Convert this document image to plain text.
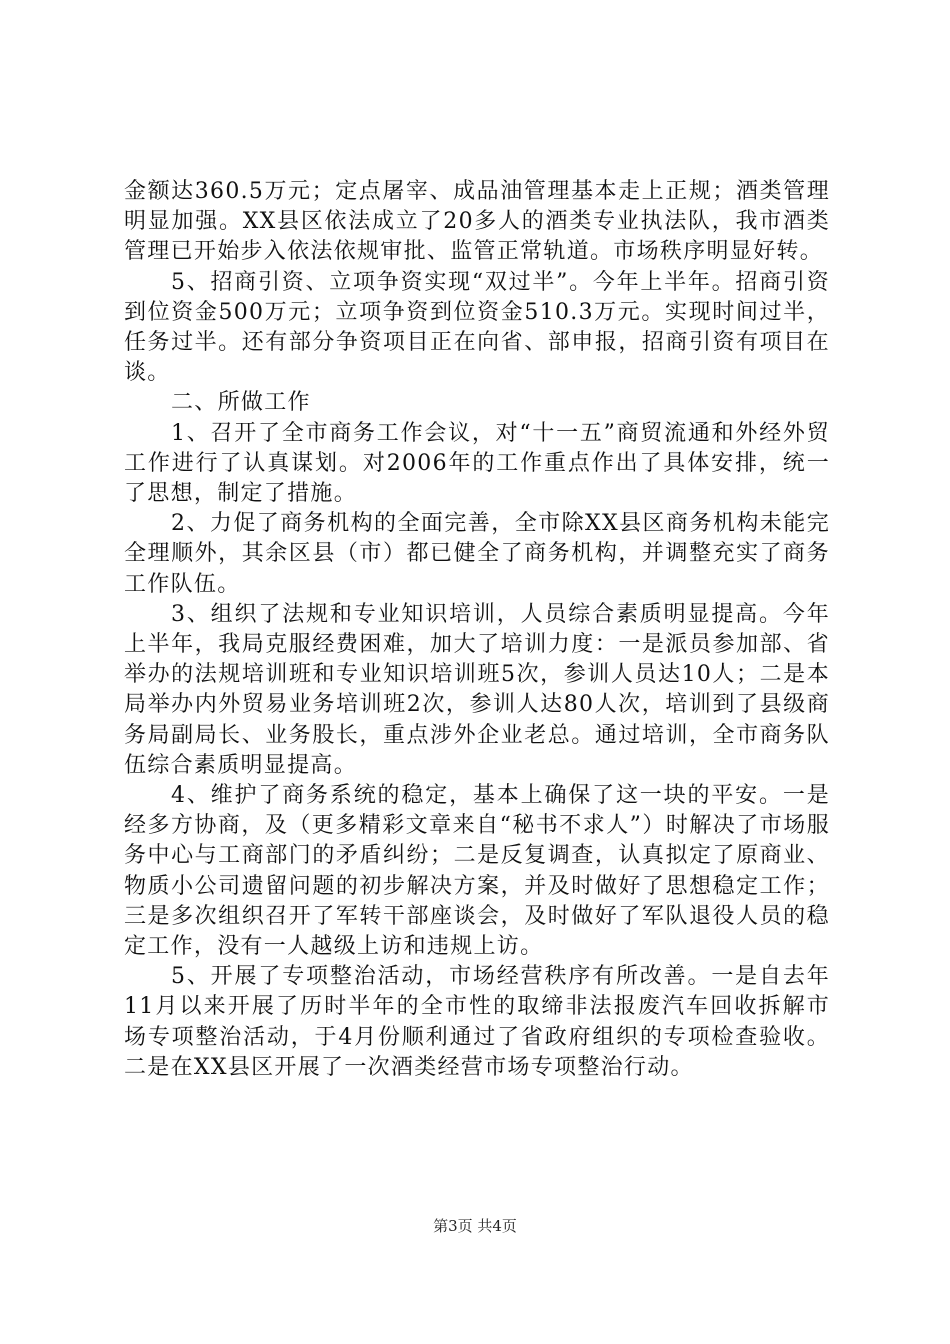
金额达360.5万元；定点屠宰、成品油管理基本走上正规；酒类管理明显加强。XX县区依法成立了20多人的酒类专业执法队，我市酒类管理已开始步入依法依规审批、监管正常轨道。市场秩序明显好转。

5、招商引资、立项争资实现“双过半”。今年上半年。招商引资到位资金500万元；立项争资到位资金510.3万元。实现时间过半，任务过半。还有部分争资项目正在向省、部申报，招商引资有项目在谈。

二、所做工作

1、召开了全市商务工作会议，对“十一五”商贸流通和外经外贸工作进行了认真谋划。对2006年的工作重点作出了具体安排，统一了思想，制定了措施。

2、力促了商务机构的全面完善，全市除XX县区商务机构未能完全理顺外，其余区县（市）都已健全了商务机构，并调整充实了商务工作队伍。

3、组织了法规和专业知识培训，人员综合素质明显提高。今年上半年，我局克服经费困难，加大了培训力度：一是派员参加部、省举办的法规培训班和专业知识培训班5次，参训人员达10人；二是本局举办内外贸易业务培训班2次，参训人达80人次，培训到了县级商务局副局长、业务股长，重点涉外企业老总。通过培训，全市商务队伍综合素质明显提高。

4、维护了商务系统的稳定，基本上确保了这一块的平安。一是经多方协商，及（更多精彩文章来自“秘书不求人”）时解决了市场服务中心与工商部门的矛盾纠纷；二是反复调查，认真拟定了原商业、物质小公司遗留问题的初步解决方案，并及时做好了思想稳定工作；三是多次组织召开了军转干部座谈会，及时做好了军队退役人员的稳定工作，没有一人越级上访和违规上访。

5、开展了专项整治活动，市场经营秩序有所改善。一是自去年11月以来开展了历时半年的全市性的取缔非法报废汽车回收拆解市场专项整治活动，于4月份顺利通过了省政府组织的专项检查验收。二是在XX县区开展了一次酒类经营市场专项整治行动。

第3页 共4页
